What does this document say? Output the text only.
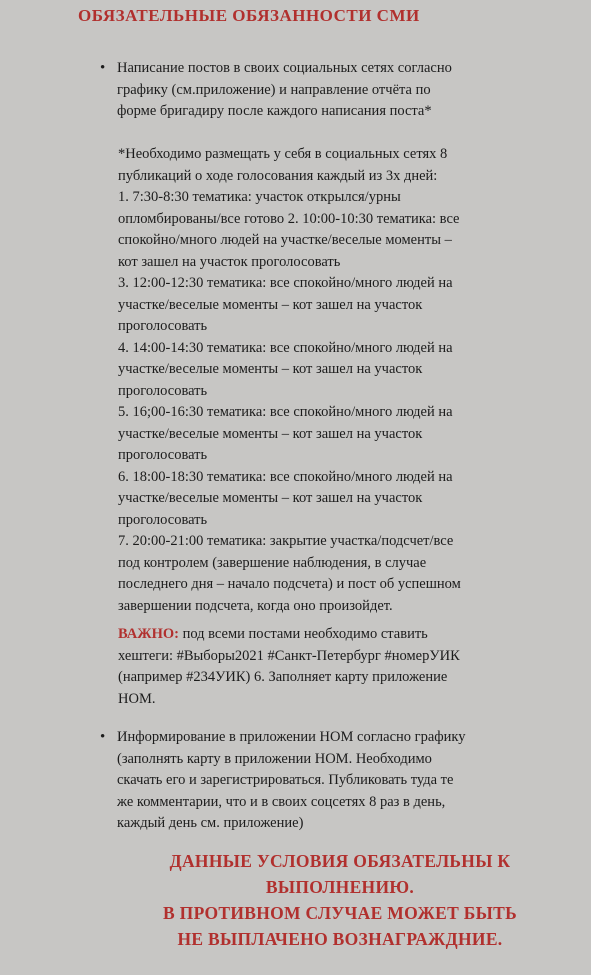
ОБЯЗАТЕЛЬНЫЕ ОБЯЗАННОСТИ СМИ
• Написание постов в своих социальных сетях согласно
графику (см.приложение) и направление отчёта по
форме бригадиру после каждого написания поста*
*Необходимо размещать у себя в социальных сетях 8
публикаций о ходе голосования каждый из 3х дней:
1. 7:30-8:30 тематика: участок открылся/урны
опломбированы/все готово 2. 10:00-10:30 тематика: все
спокойно/много людей на участке/веселые моменты –
кот зашел на участок проголосовать
3. 12:00-12:30 тематика: все спокойно/много людей на
участке/веселые моменты – кот зашел на участок
проголосовать
4. 14:00-14:30 тематика: все спокойно/много людей на
участке/веселые моменты – кот зашел на участок
проголосовать
5. 16;00-16:30 тематика: все спокойно/много людей на
участке/веселые моменты – кот зашел на участок
проголосовать
6. 18:00-18:30 тематика: все спокойно/много людей на
участке/веселые моменты – кот зашел на участок
проголосовать
7. 20:00-21:00 тематика: закрытие участка/подсчет/все
под контролем (завершение наблюдения, в случае
последнего дня – начало подсчета) и пост об успешном
завершении подсчета, когда оно произойдет.
ВАЖНО: под всеми постами необходимо ставить
хештеги: #Выборы2021 #Санкт-Петербург #номерУИК
(например #234УИК) 6. Заполняет карту приложение
НОМ.
• Информирование в приложении НОМ согласно графику
(заполнять карту в приложении НОМ. Необходимо
скачать его и зарегистрироваться. Публиковать туда те
же комментарии, что и в своих соцсетях 8 раз в день,
каждый день см. приложение)
ДАННЫЕ УСЛОВИЯ ОБЯЗАТЕЛЬНЫ К
ВЫПОЛНЕНИЮ.
В ПРОТИВНОМ СЛУЧАЕ МОЖЕТ БЫТЬ
НЕ ВЫПЛАЧЕНО ВОЗНАГРАЖДНИЕ.
